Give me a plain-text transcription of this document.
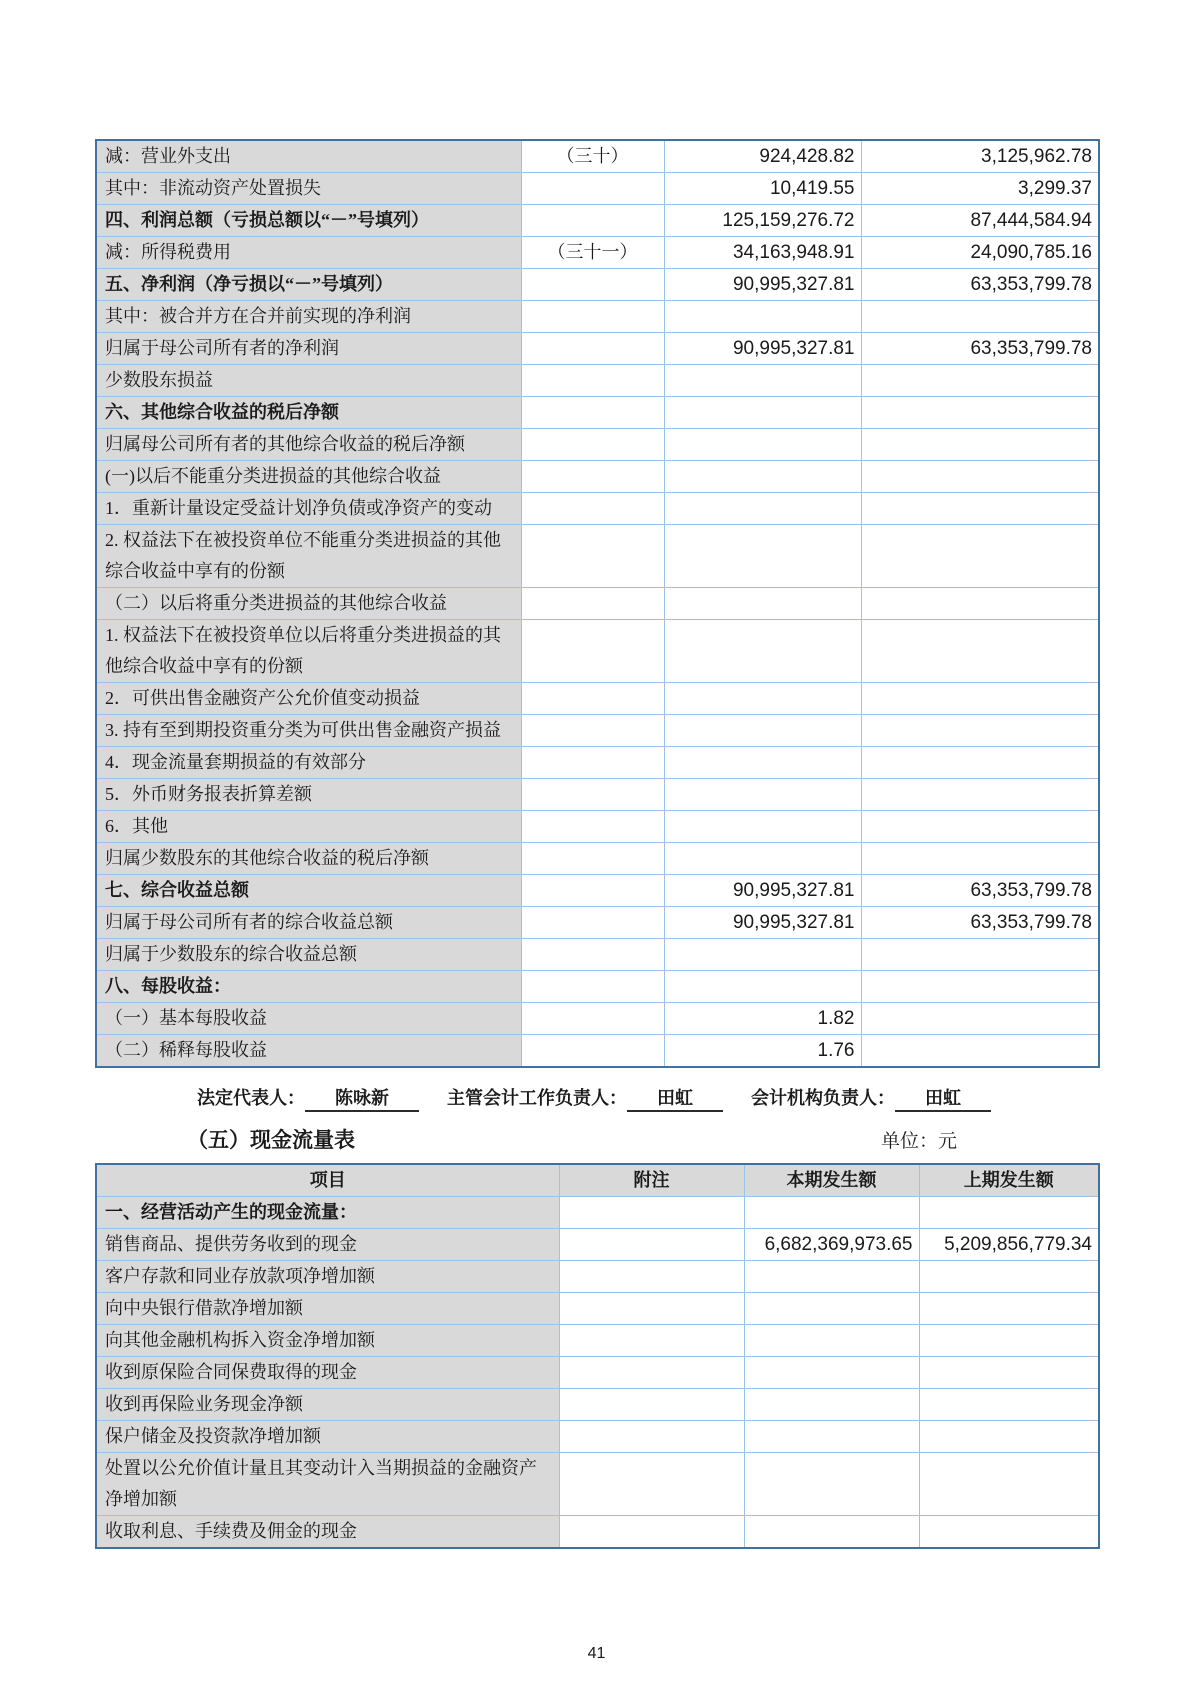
减：营业外支出	（三十）	924,428.82	3,125,962.78
其中：非流动资产处置损失		10,419.55	3,299.37
四、利润总额（亏损总额以“－”号填列）		125,159,276.72	87,444,584.94
减：所得税费用	（三十一）	34,163,948.91	24,090,785.16
五、净利润（净亏损以“－”号填列）		90,995,327.81	63,353,799.78
其中：被合并方在合并前实现的净利润			
归属于母公司所有者的净利润		90,995,327.81	63,353,799.78
少数股东损益			
六、其他综合收益的税后净额			
归属母公司所有者的其他综合收益的税后净额			
(一)以后不能重分类进损益的其他综合收益			
1．重新计量设定受益计划净负债或净资产的变动			
2. 权益法下在被投资单位不能重分类进损益的其他综合收益中享有的份额			
（二）以后将重分类进损益的其他综合收益			
1. 权益法下在被投资单位以后将重分类进损益的其他综合收益中享有的份额			
2．可供出售金融资产公允价值变动损益			
3. 持有至到期投资重分类为可供出售金融资产损益			
4．现金流量套期损益的有效部分			
5．外币财务报表折算差额			
6．其他			
归属少数股东的其他综合收益的税后净额			
七、综合收益总额		90,995,327.81	63,353,799.78
归属于母公司所有者的综合收益总额		90,995,327.81	63,353,799.78
归属于少数股东的综合收益总额			
八、每股收益：			
（一）基本每股收益		1.82	
（二）稀释每股收益		1.76	
法定代表人： 陈咏新	主管会计工作负责人： 田虹	会计机构负责人： 田虹
（五）现金流量表	单位：元
项目	附注	本期发生额	上期发生额
一、经营活动产生的现金流量：			
销售商品、提供劳务收到的现金		6,682,369,973.65	5,209,856,779.34
客户存款和同业存放款项净增加额			
向中央银行借款净增加额			
向其他金融机构拆入资金净增加额			
收到原保险合同保费取得的现金			
收到再保险业务现金净额			
保户储金及投资款净增加额			
处置以公允价值计量且其变动计入当期损益的金融资产净增加额			
收取利息、手续费及佣金的现金			
41
